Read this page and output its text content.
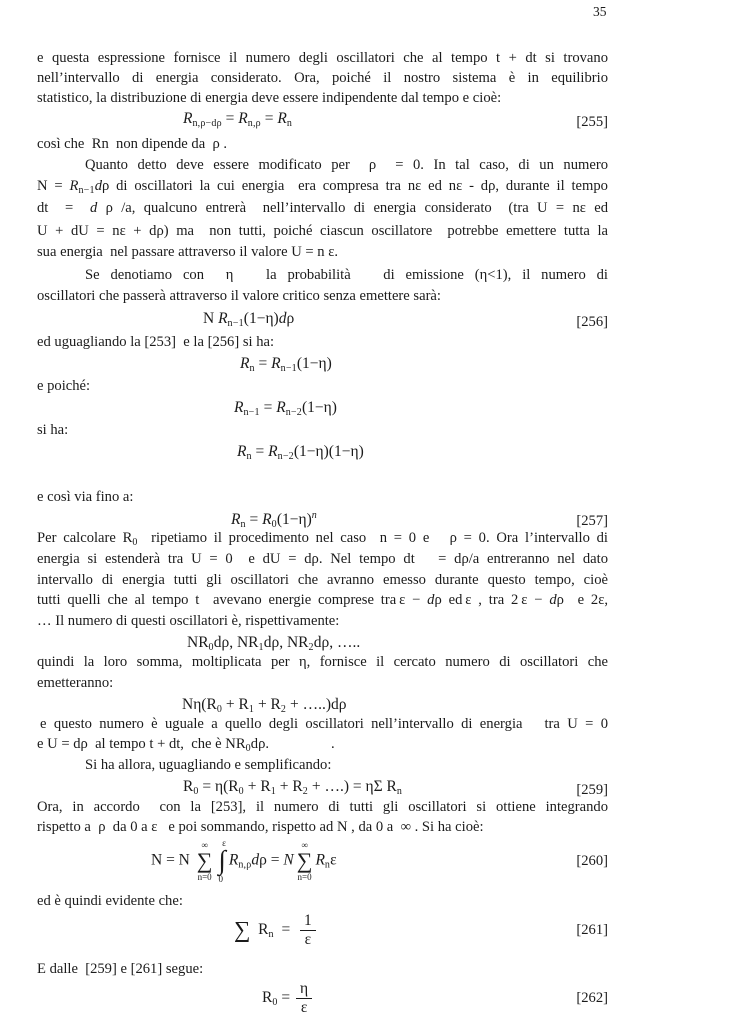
35
e questa espressione fornisce il numero degli oscillatori che al tempo t + dt si trovano
nell’intervallo di energia considerato. Ora, poiché il nostro sistema è in equilibrio
statistico, la distribuzione di energia deve essere indipendente dal tempo e cioè:
Rn,ρ−dρ = Rn,ρ = Rn	[255]
così che  Rn  non dipende da  ρ .
Quanto detto deve essere modificato per  ρ  = 0. In tal caso, di un numero
$N = R_{n-1}d\rho$ di oscillatori la cui energia  era compresa tra nε ed nε - dρ, durante il tempo
dt  =  d ρ /a, qualcuno entrerà  nell’intervallo di energia considerato  (tra U = nε ed
U + dU = nε + dρ) ma  non tutti, poiché ciascun oscillatore  potrebbe emettere tutta la
sua energia  nel passare attraverso il valore U = n ε.
Se denotiamo con  η   la probabilità   di emissione (η<1), il numero di
oscillatori che passerà attraverso il valore critico senza emettere sarà:
N Rn−1(1−η)dρ	[256]
ed uguagliando la [253]  e la [256] si ha:
Rn = Rn−1(1−η)
e poiché:
Rn−1 = Rn−2(1−η)
si ha:
Rn = Rn−2(1−η)(1−η)
e così via fino a:
$Rn = R0(1-\eta)^n$	[257]
Per calcolare $R_0$  ripetiamo il procedimento nel caso  n = 0 e   ρ = 0. Ora l’intervallo di
energia si estenderà tra U = 0  e dU = dρ. Nel tempo dt   = dρ/a entreranno nel dato
intervallo di energia tutti gli oscillatori che avranno emesso durante questo tempo, cioè
tutti quelli che al tempo t  avevano energie comprese tra ε − dρ ed ε , tra 2 ε − dρ  e 2ε,
… Il numero di questi oscillatori è, rispettivamente:
NR0dρ, NR1dρ, NR2dρ, …..
quindi la loro somma, moltiplicata per η, fornisce il cercato numero di oscillatori che
emetteranno:
Nη(R0 + R1 + R2 + …..)dρ
e questo numero è uguale a quello degli oscillatori nell’intervallo di energia   tra U = 0
e U = dρ  al tempo t + dt,  che è $NR_0d\rho$.                 .
Si ha allora, uguagliando e semplificando:
R0 = η(R0 + R1 + R2 + ….) = ηΣ Rn	[259]
Ora, in accordo  con la [253], il numero di tutti gli oscillatori si ottiene integrando
rispetto a  ρ  da 0 a ε   e poi sommando, rispetto ad N , da 0 a  ∞ . Si ha cioè:
N = N
∞
∑
n=0
ε
∫
0
Rn,ρdρ = N
∞
∑
n=0
Rnε	[260]
ed è quindi evidente che:
∑  $Rn = \frac{1}{\varepsilon}$	[261]
E dalle  [259] e [261] segue:
$R0 = \frac{\eta}{\varepsilon}$	[262]
